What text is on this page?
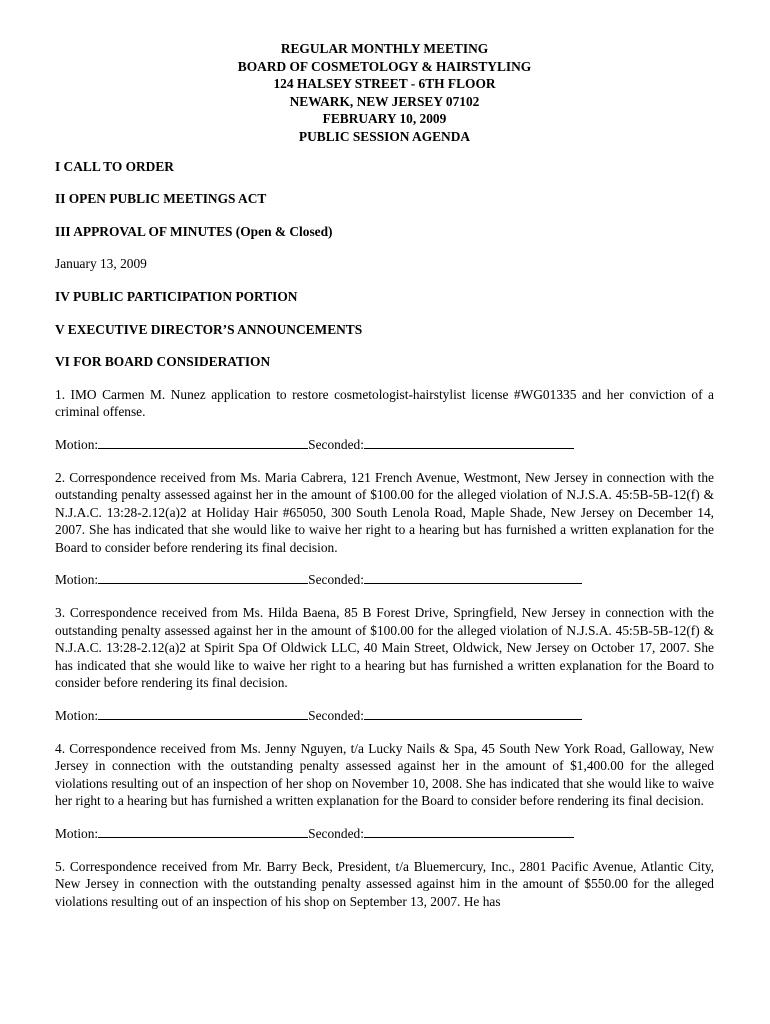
REGULAR MONTHLY MEETING
BOARD OF COSMETOLOGY & HAIRSTYLING
124 HALSEY STREET - 6TH FLOOR
NEWARK, NEW JERSEY 07102
FEBRUARY 10, 2009
PUBLIC SESSION AGENDA
I CALL TO ORDER
II OPEN PUBLIC MEETINGS ACT
III APPROVAL OF MINUTES (Open & Closed)
January 13, 2009
IV PUBLIC PARTICIPATION PORTION
V EXECUTIVE DIRECTOR’S ANNOUNCEMENTS
VI FOR BOARD CONSIDERATION
1. IMO Carmen M. Nunez application to restore cosmetologist-hairstylist license #WG01335 and her conviction of a criminal offense.
Motion:	Seconded:
2. Correspondence received from Ms. Maria Cabrera, 121 French Avenue, Westmont, New Jersey in connection with the outstanding penalty assessed against her in the amount of $100.00 for the alleged violation of N.J.S.A. 45:5B-5B-12(f) & N.J.A.C. 13:28-2.12(a)2 at Holiday Hair #65050, 300 South Lenola Road, Maple Shade, New Jersey on December 14, 2007. She has indicated that she would like to waive her right to a hearing but has furnished a written explanation for the Board to consider before rendering its final decision.
Motion:	Seconded:
3. Correspondence received from Ms. Hilda Baena, 85 B Forest Drive, Springfield, New Jersey in connection with the outstanding penalty assessed against her in the amount of $100.00 for the alleged violation of N.J.S.A. 45:5B-5B-12(f) & N.J.A.C. 13:28-2.12(a)2 at Spirit Spa Of Oldwick LLC, 40 Main Street, Oldwick, New Jersey on October 17, 2007. She has indicated that she would like to waive her right to a hearing but has furnished a written explanation for the Board to consider before rendering its final decision.
Motion:	Seconded:
4. Correspondence received from Ms. Jenny Nguyen, t/a Lucky Nails & Spa, 45 South New York Road, Galloway, New Jersey in connection with the outstanding penalty assessed against her in the amount of $1,400.00 for the alleged violations resulting out of an inspection of her shop on November 10, 2008. She has indicated that she would like to waive her right to a hearing but has furnished a written explanation for the Board to consider before rendering its final decision.
Motion:	Seconded:
5. Correspondence received from Mr. Barry Beck, President, t/a Bluemercury, Inc., 2801 Pacific Avenue, Atlantic City, New Jersey in connection with the outstanding penalty assessed against him in the amount of $550.00 for the alleged violations resulting out of an inspection of his shop on September 13, 2007. He has
